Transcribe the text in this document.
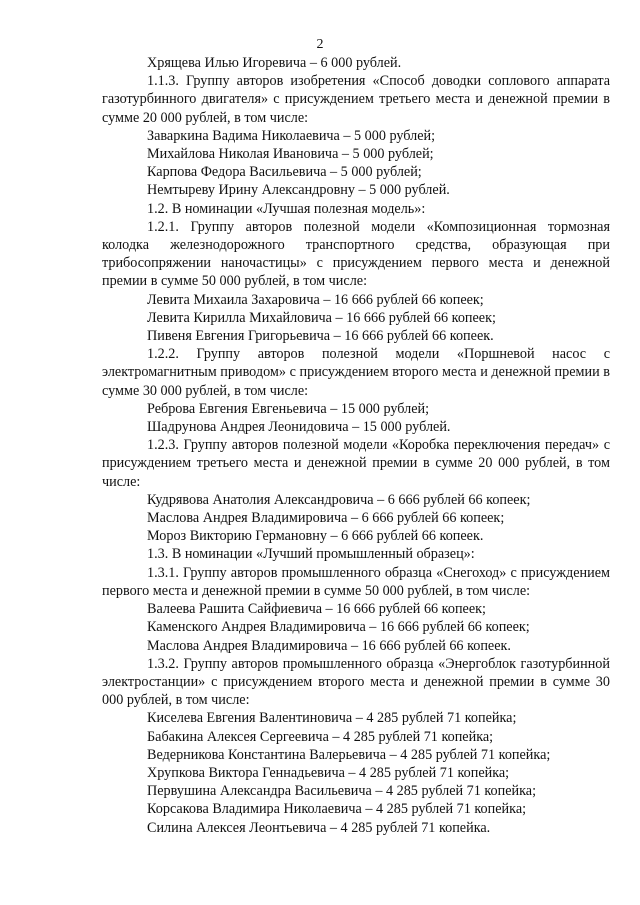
2

Хрящева Илью Игоревича – 6 000 рублей.

1.1.3. Группу авторов изобретения «Способ доводки соплового аппарата газотурбинного двигателя» с присуждением третьего места и денежной премии в сумме 20 000 рублей, в том числе:

Заваркина Вадима Николаевича – 5 000 рублей;

Михайлова Николая Ивановича – 5 000 рублей;

Карпова Федора Васильевича – 5 000 рублей;

Немтыреву Ирину Александровну – 5 000 рублей.

1.2. В номинации «Лучшая полезная модель»:

1.2.1. Группу авторов полезной модели «Композиционная тормозная колодка железнодорожного транспортного средства, образующая при трибосопряжении наночастицы» с присуждением первого места и денежной премии в сумме 50 000 рублей, в том числе:

Левита Михаила Захаровича – 16 666 рублей 66 копеек;

Левита Кирилла Михайловича – 16 666 рублей 66 копеек;

Пивеня Евгения Григорьевича – 16 666 рублей 66 копеек.

1.2.2. Группу авторов полезной модели «Поршневой насос с электромагнитным приводом» с присуждением второго места и денежной премии в сумме 30 000 рублей, в том числе:

Реброва Евгения Евгеньевича – 15 000 рублей;

Шадрунова Андрея Леонидовича – 15 000 рублей.

1.2.3. Группу авторов полезной модели «Коробка переключения передач» с присуждением третьего места и денежной премии в сумме 20 000 рублей, в том числе:

Кудрявова Анатолия Александровича – 6 666 рублей 66 копеек;

Маслова Андрея Владимировича – 6 666 рублей 66 копеек;

Мороз Викторию Германовну – 6 666 рублей 66 копеек.

1.3. В номинации «Лучший промышленный образец»:

1.3.1. Группу авторов промышленного образца «Снегоход» с присуждением первого места и денежной премии в сумме 50 000 рублей, в том числе:

Валеева Рашита Сайфиевича – 16 666 рублей 66 копеек;

Каменского Андрея Владимировича – 16 666 рублей 66 копеек;

Маслова Андрея Владимировича – 16 666 рублей 66 копеек.

1.3.2. Группу авторов промышленного образца «Энергоблок газотурбинной электростанции» с присуждением второго места и денежной премии в сумме 30 000 рублей, в том числе:

Киселева Евгения Валентиновича – 4 285 рублей 71 копейка;

Бабакина Алексея Сергеевича – 4 285 рублей 71 копейка;

Ведерникова Константина Валерьевича – 4 285 рублей 71 копейка;

Хрупкова Виктора Геннадьевича – 4 285 рублей 71 копейка;

Первушина Александра Васильевича – 4 285 рублей 71 копейка;

Корсакова Владимира Николаевича – 4 285 рублей 71 копейка;

Силина Алексея Леонтьевича – 4 285 рублей 71 копейка.
